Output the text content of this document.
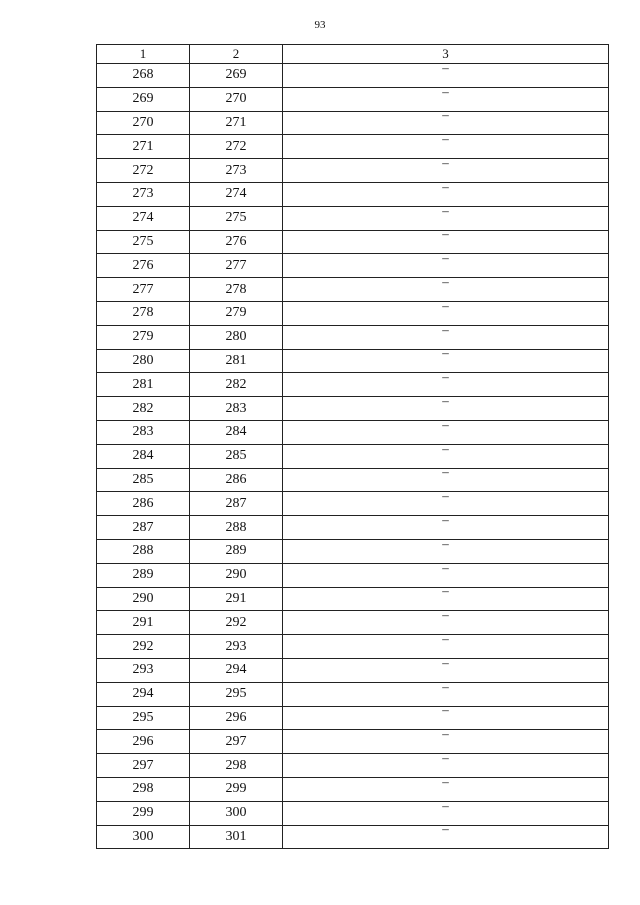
93
1	2	3
268	269	–
269	270	–
270	271	–
271	272	–
272	273	–
273	274	–
274	275	–
275	276	–
276	277	–
277	278	–
278	279	–
279	280	–
280	281	–
281	282	–
282	283	–
283	284	–
284	285	–
285	286	–
286	287	–
287	288	–
288	289	–
289	290	–
290	291	–
291	292	–
292	293	–
293	294	–
294	295	–
295	296	–
296	297	–
297	298	–
298	299	–
299	300	–
300	301	–
